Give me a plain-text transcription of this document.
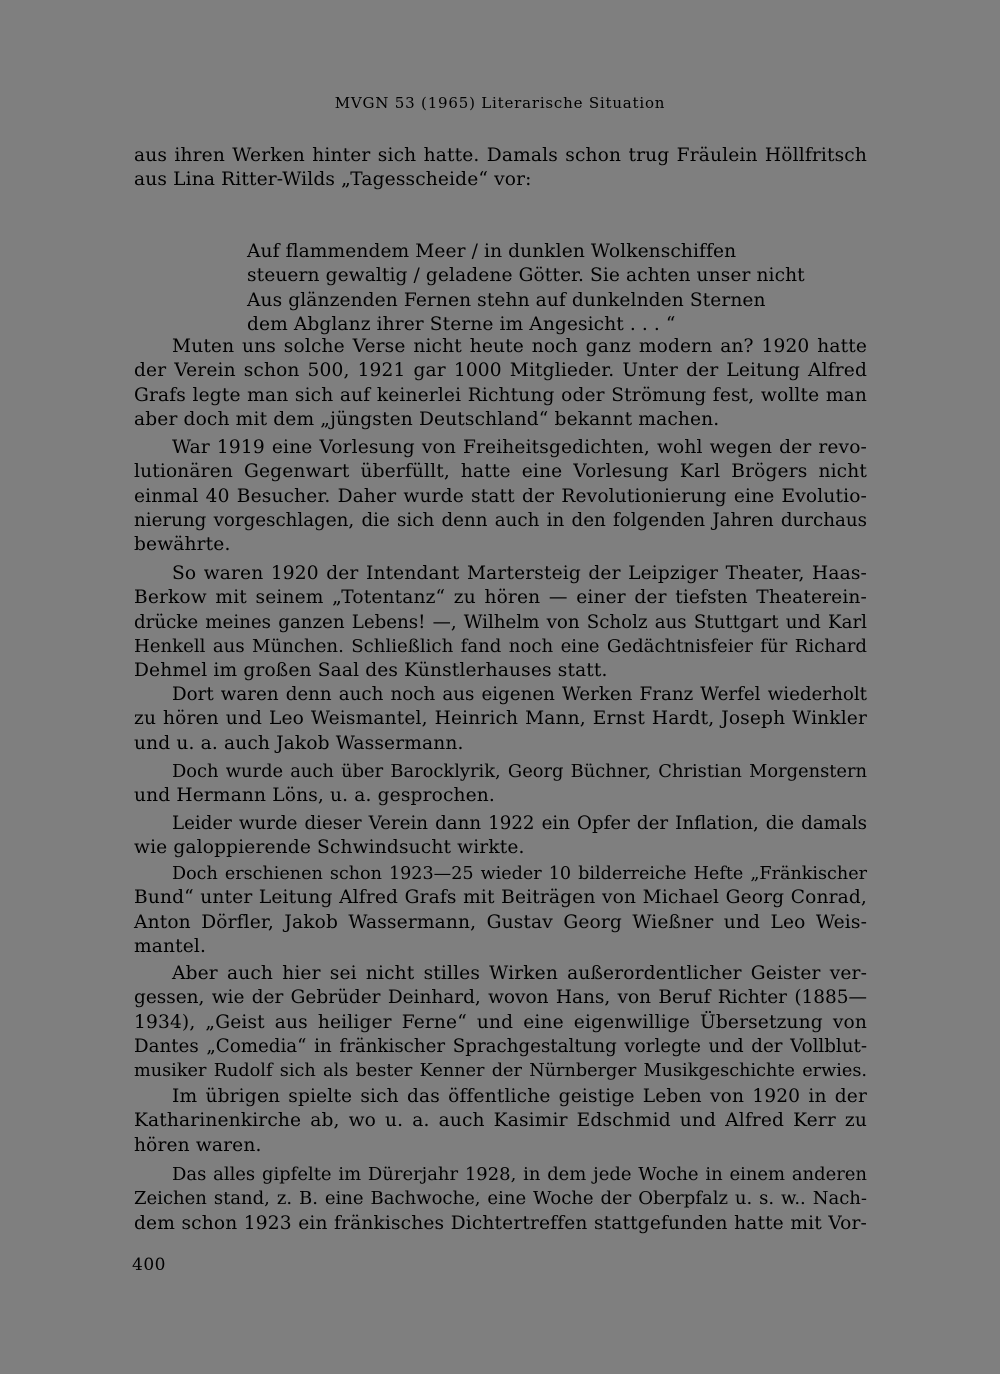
MVGN 53 (1965) Literarische Situation
aus ihren Werken hinter sich hatte. Damals schon trug Fräulein Höllfritsch
aus Lina Ritter-Wilds „Tagesscheide“ vor:
Auf flammendem Meer / in dunklen Wolkenschiffen
steuern gewaltig / geladene Götter. Sie achten unser nicht
Aus glänzenden Fernen stehn auf dunkelnden Sternen
dem Abglanz ihrer Sterne im Angesicht . . . “
Muten uns solche Verse nicht heute noch ganz modern an? 1920 hatte
der Verein schon 500, 1921 gar 1000 Mitglieder. Unter der Leitung Alfred
Grafs legte man sich auf keinerlei Richtung oder Strömung fest, wollte man
aber doch mit dem „jüngsten Deutschland“ bekannt machen.
War 1919 eine Vorlesung von Freiheitsgedichten, wohl wegen der revo-
lutionären Gegenwart überfüllt, hatte eine Vorlesung Karl Brögers nicht
einmal 40 Besucher. Daher wurde statt der Revolutionierung eine Evolutio-
nierung vorgeschlagen, die sich denn auch in den folgenden Jahren durchaus
bewährte.
So waren 1920 der Intendant Martersteig der Leipziger Theater, Haas-
Berkow mit seinem „Totentanz“ zu hören — einer der tiefsten Theaterein-
drücke meines ganzen Lebens! —, Wilhelm von Scholz aus Stuttgart und Karl
Henkell aus München. Schließlich fand noch eine Gedächtnisfeier für Richard
Dehmel im großen Saal des Künstlerhauses statt.
Dort waren denn auch noch aus eigenen Werken Franz Werfel wiederholt
zu hören und Leo Weismantel, Heinrich Mann, Ernst Hardt, Joseph Winkler
und u. a. auch Jakob Wassermann.
Doch wurde auch über Barocklyrik, Georg Büchner, Christian Morgenstern
und Hermann Löns, u. a. gesprochen.
Leider wurde dieser Verein dann 1922 ein Opfer der Inflation, die damals
wie galoppierende Schwindsucht wirkte.
Doch erschienen schon 1923—25 wieder 10 bilderreiche Hefte „Fränkischer
Bund“ unter Leitung Alfred Grafs mit Beiträgen von Michael Georg Conrad,
Anton Dörfler, Jakob Wassermann, Gustav Georg Wießner und Leo Weis-
mantel.
Aber auch hier sei nicht stilles Wirken außerordentlicher Geister ver-
gessen, wie der Gebrüder Deinhard, wovon Hans, von Beruf Richter (1885—
1934), „Geist aus heiliger Ferne“ und eine eigenwillige Übersetzung von
Dantes „Comedia“ in fränkischer Sprachgestaltung vorlegte und der Vollblut-
musiker Rudolf sich als bester Kenner der Nürnberger Musikgeschichte erwies.
Im übrigen spielte sich das öffentliche geistige Leben von 1920 in der
Katharinenkirche ab, wo u. a. auch Kasimir Edschmid und Alfred Kerr zu
hören waren.
Das alles gipfelte im Dürerjahr 1928, in dem jede Woche in einem anderen
Zeichen stand, z. B. eine Bachwoche, eine Woche der Oberpfalz u. s. w.. Nach-
dem schon 1923 ein fränkisches Dichtertreffen stattgefunden hatte mit Vor-
400
